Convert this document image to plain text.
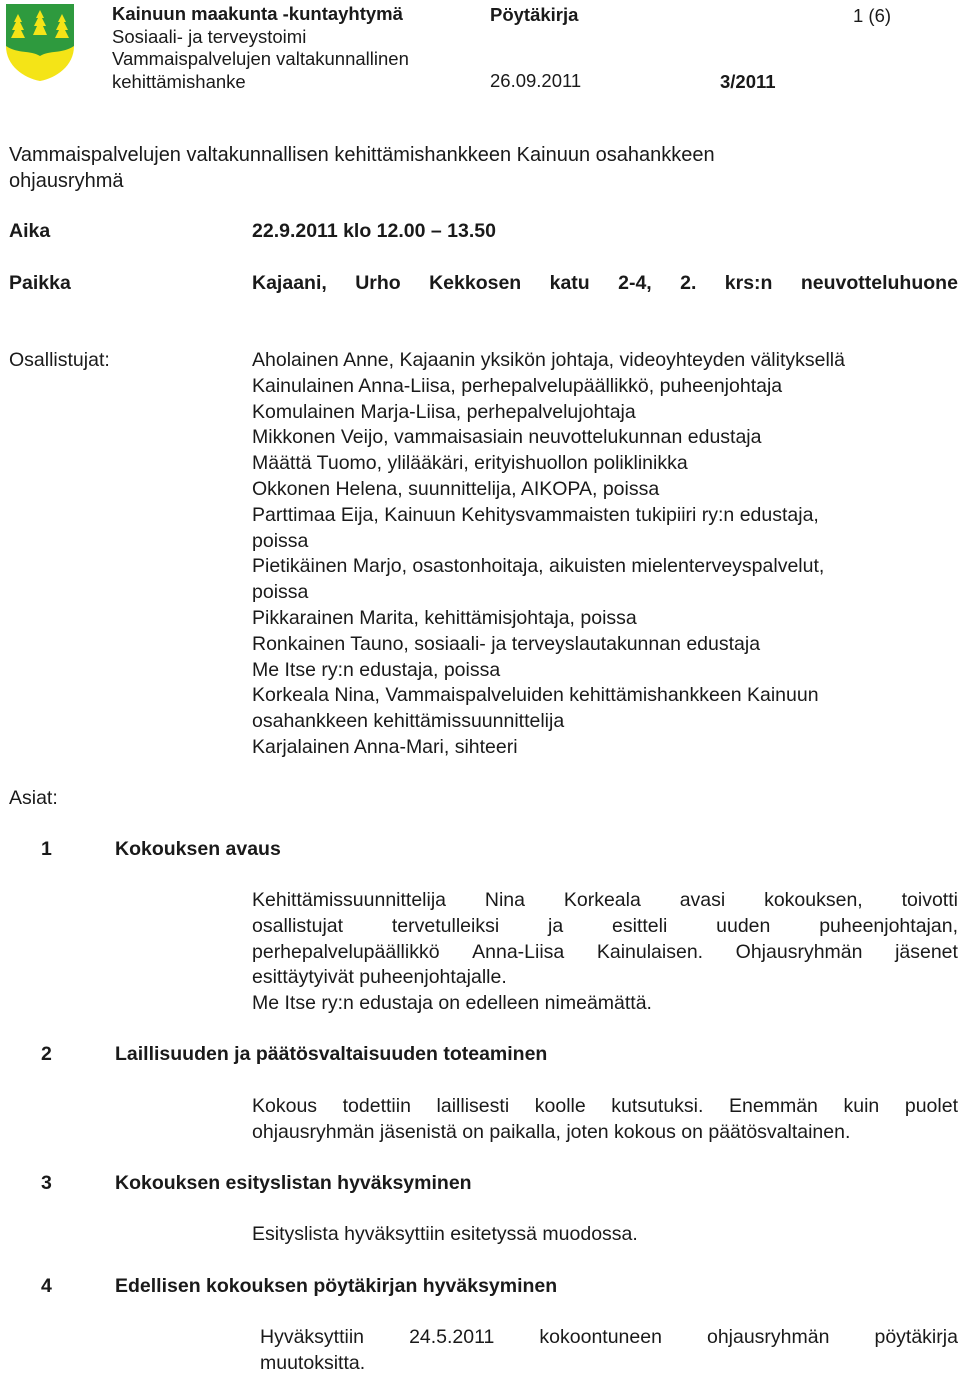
Kainuun maakunta -kuntayhtymä
Sosiaali- ja terveystoimi
Vammaispalvelujen valtakunnallinen
kehittämishanke
Pöytäkirja	1 (6)
26.09.2011	3/2011
Vammaispalvelujen valtakunnallisen kehittämishankkeen Kainuun osahankkeen
ohjausryhmä
Aika	22.9.2011 klo 12.00 – 13.50
Paikka	Kajaani, Urho Kekkosen katu 2-4, 2. krs:n neuvotteluhuone
Osallistujat:	Aholainen Anne, Kajaanin yksikön johtaja, videoyhteyden välityksellä
Kainulainen Anna-Liisa, perhepalvelupäällikkö, puheenjohtaja
Komulainen Marja-Liisa, perhepalvelujohtaja
Mikkonen Veijo, vammaisasiain neuvottelukunnan edustaja
Määttä Tuomo, ylilääkäri, erityishuollon poliklinikka
Okkonen Helena, suunnittelija, AIKOPA, poissa
Parttimaa Eija, Kainuun Kehitysvammaisten tukipiiri ry:n edustaja,
poissa
Pietikäinen Marjo, osastonhoitaja, aikuisten mielenterveyspalvelut,
poissa
Pikkarainen Marita, kehittämisjohtaja, poissa
Ronkainen Tauno, sosiaali- ja terveyslautakunnan edustaja
Me Itse ry:n edustaja, poissa
Korkeala Nina, Vammaispalveluiden kehittämishankkeen Kainuun
osahankkeen kehittämissuunnittelija
Karjalainen Anna-Mari, sihteeri
Asiat:
1	Kokouksen avaus
Kehittämissuunnittelija Nina Korkeala avasi kokouksen, toivotti
osallistujat	tervetulleiksi	ja	esitteli	uuden	puheenjohtajan,
perhepalvelupäällikkö Anna-Liisa Kainulaisen. Ohjausryhmän jäsenet
esittäytyivät puheenjohtajalle.
Me Itse ry:n edustaja on edelleen nimeämättä.
2	Laillisuuden ja päätösvaltaisuuden toteaminen
Kokous todettiin laillisesti koolle kutsutuksi. Enemmän kuin puolet
ohjausryhmän jäsenistä on paikalla, joten kokous on päätösvaltainen.
3	Kokouksen esityslistan hyväksyminen
Esityslista hyväksyttiin esitetyssä muodossa.
4	Edellisen kokouksen pöytäkirjan hyväksyminen
Hyväksyttiin 24.5.2011 kokoontuneen ohjausryhmän pöytäkirja
muutoksitta.
